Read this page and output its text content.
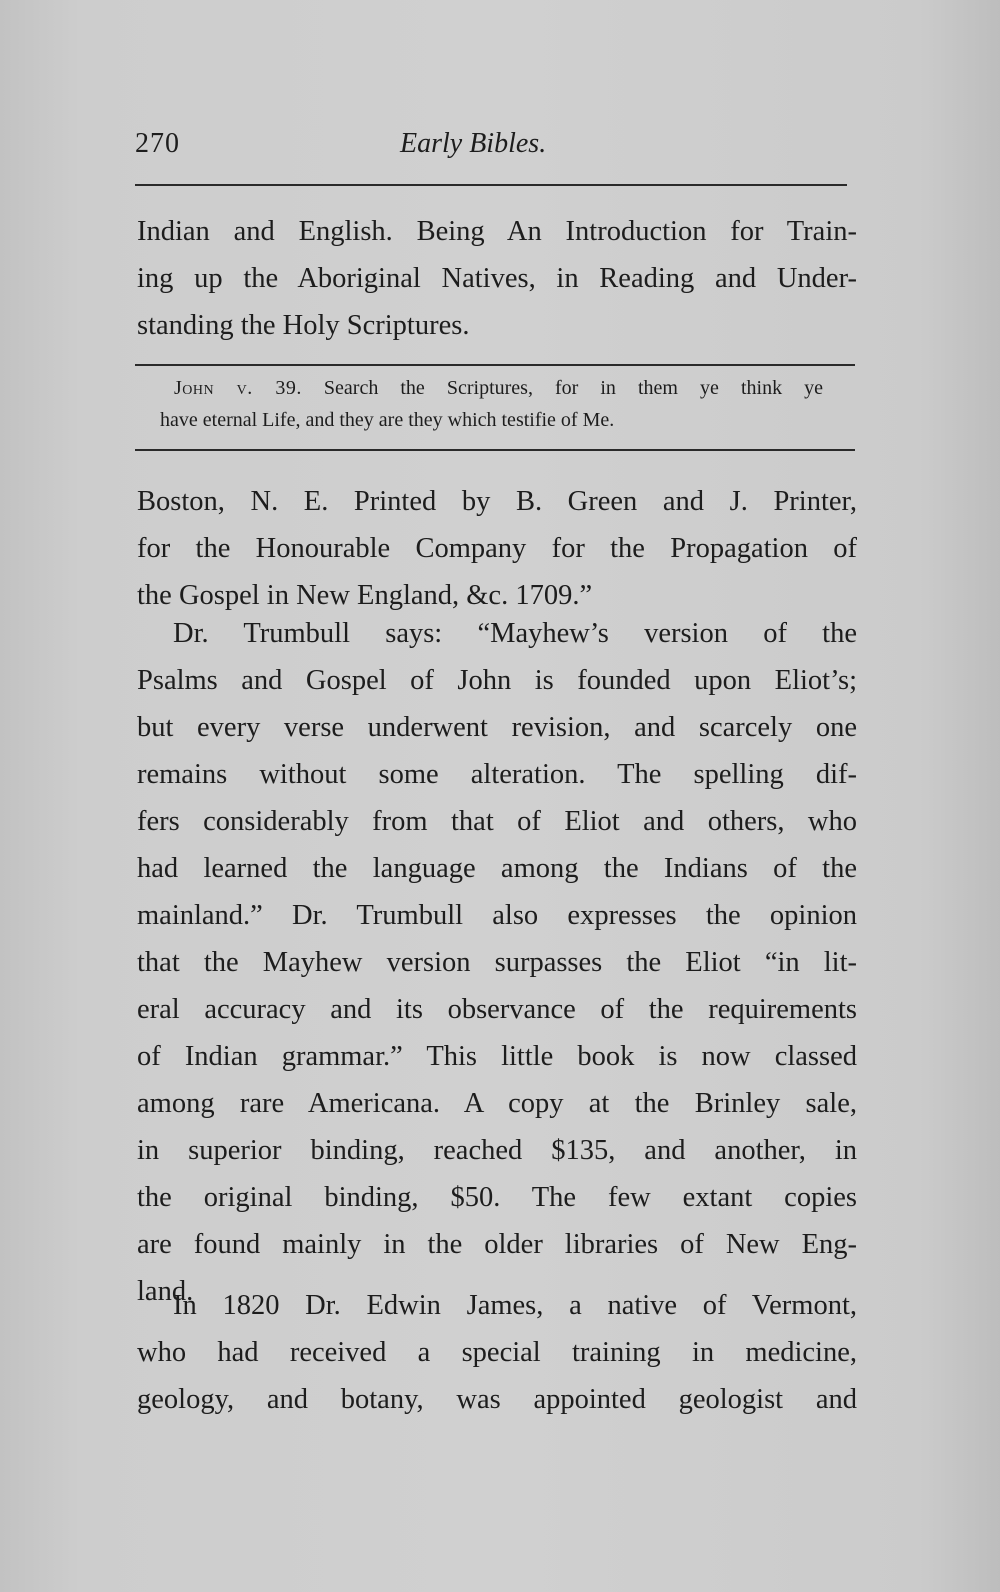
270	Early Bibles.
Indian and English. Being An Introduction for Train-
ing up the Aboriginal Natives, in Reading and Under-
standing the Holy Scriptures.
John v. 39. Search the Scriptures, for in them ye think ye
have eternal Life, and they are they which testifie of Me.
Boston, N. E. Printed by B. Green and J. Printer,
for the Honourable Company for the Propagation of
the Gospel in New England, &c. 1709.”
Dr. Trumbull says: “Mayhew’s version of the
Psalms and Gospel of John is founded upon Eliot’s;
but every verse underwent revision, and scarcely one
remains without some alteration. The spelling dif-
fers considerably from that of Eliot and others, who
had learned the language among the Indians of the
mainland.” Dr. Trumbull also expresses the opinion
that the Mayhew version surpasses the Eliot “in lit-
eral accuracy and its observance of the requirements
of Indian grammar.” This little book is now classed
among rare Americana. A copy at the Brinley sale,
in superior binding, reached $135, and another, in
the original binding, $50. The few extant copies
are found mainly in the older libraries of New Eng-
land.
In 1820 Dr. Edwin James, a native of Vermont,
who had received a special training in medicine,
geology, and botany, was appointed geologist and
